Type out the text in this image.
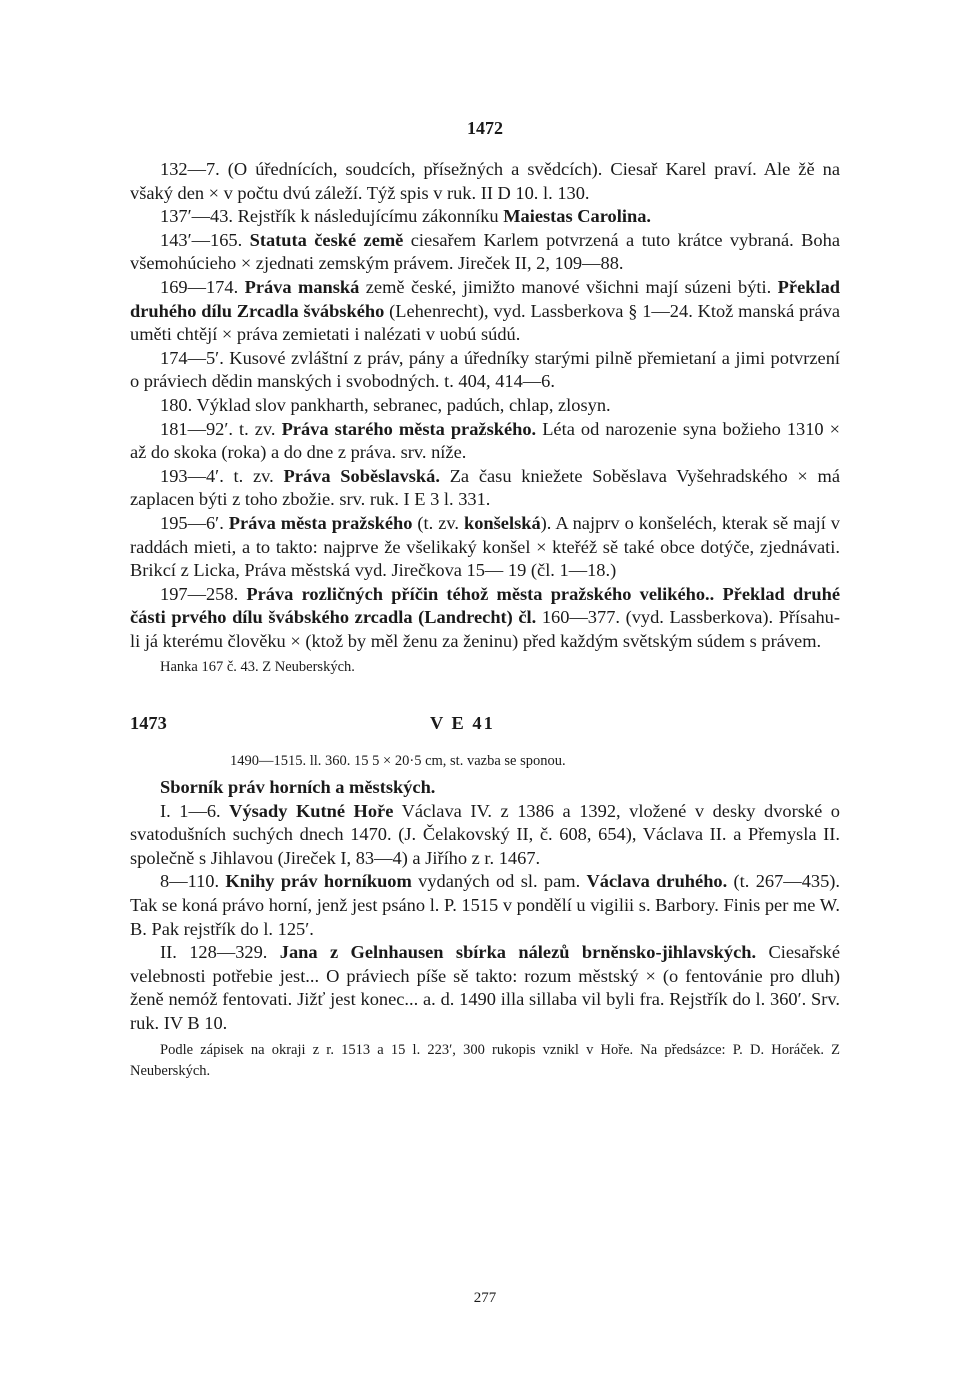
1472

132—7. (O úřednících, soudcích, přísežných a svědcích). Ciesař Karel praví. Ale žě na všaký den × v počtu dvú záleží. Týž spis v ruk. II D 10. l. 130.

137′—43. Rejstřík k následujícímu zákonníku Maiestas Carolina.

143′—165. Statuta české země ciesařem Karlem potvrzená a tuto krátce vybraná. Boha všemohúcieho × zjednati zemským právem. Jireček II, 2, 109—88.

169—174. Práva manská země české, jimižto manové všichni mají súzeni býti. Překlad druhého dílu Zrcadla švábského (Lehenrecht), vyd. Lassberkova § 1—24. Ktož manská práva uměti chtějí × práva zemietati i nalézati v uobú súdú.

174—5′. Kusové zvláštní z práv, pány a úředníky starými pilně přemietaní a jimi potvrzení o práviech dědin manských i svobodných. t. 404, 414—6.

180. Výklad slov pankharth, sebranec, padúch, chlap, zlosyn.

181—92′. t. zv. Práva starého města pražského. Léta od narozenie syna božieho 1310 × až do skoka (roka) a do dne z práva. srv. níže.

193—4′. t. zv. Práva Soběslavská. Za času kniežete Soběslava Vyšehradského × má zaplacen býti z toho zbožie. srv. ruk. I E 3 l. 331.

195—6′. Práva města pražského (t. zv. konšelská). A najprv o konšeléch, kterak sě mají v raddách mieti, a to takto: najprve že všelikaký konšel × kteřéž sě také obce dotýče, zjednávati. Brikcí z Licka, Práva městská vyd. Jirečkova 15— 19 (čl. 1—18.)

197—258. Práva rozličných příčin téhož města pražského velikého.. Překlad druhé části prvého dílu švábského zrcadla (Landrecht) čl. 160—377. (vyd. Lassberkova). Přísahu-li já kterému člověku × (ktož by měl ženu za ženinu) před každým světským súdem s právem.

Hanka 167 č. 43. Z Neuberských.

1473	V E 41
1490—1515. ll. 360. 15 5 × 20·5 cm, st. vazba se sponou.

Sborník práv horních a městských.

I. 1—6. Výsady Kutné Hoře Václava IV. z 1386 a 1392, vložené v desky dvorské o svatodušních suchých dnech 1470. (J. Čelakovský II, č. 608, 654), Václava II. a Přemysla II. společně s Jihlavou (Jireček I, 83—4) a Jiřího z r. 1467.

8—110. Knihy práv horníkuom vydaných od sl. pam. Václava druhého. (t. 267—435). Tak se koná právo horní, jenž jest psáno l. P. 1515 v pondělí u vigilii s. Barbory. Finis per me W. B. Pak rejstřík do l. 125′.

II. 128—329. Jana z Gelnhausen sbírka nálezů brněnsko-jihlavských. Ciesařské velebnosti potřebie jest... O práviech píše sě takto: rozum městský × (o fentovánie pro dluh) ženě nemóž fentovati. Jižť jest konec... a. d. 1490 illa sillaba vil byli fra. Rejstřík do l. 360′. Srv. ruk. IV B 10.

Podle zápisek na okraji z r. 1513 a 15 l. 223′, 300 rukopis vznikl v Hoře. Na předsázce: P. D. Horáček. Z Neuberských.

277
